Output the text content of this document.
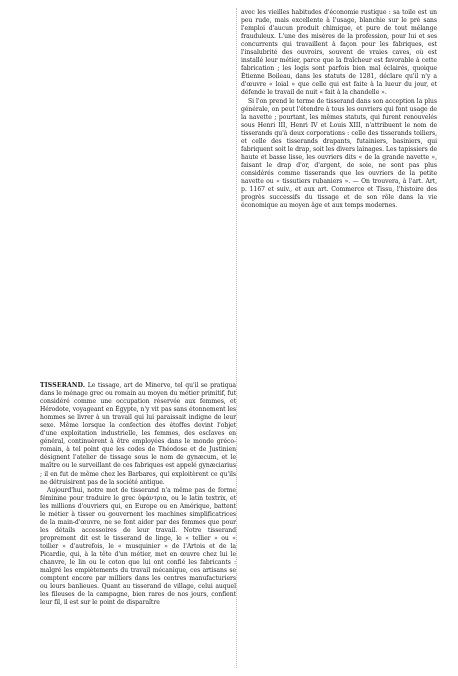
TISSERAND. Le tissage, art de Minerve, tel qu'il se pratiqua dans le ménage grec ou romain au moyen du métier primitif, fut considéré comme une occupation réservée aux femmes, et Hérodote, voyageant en Égypte, n'y vit pas sans étonnement les hommes se livrer à un travail qui lui paraissait indigne de leur sexe. Même lorsque la confection des étoffes devint l'objet d'une exploitation industrielle, les femmes, des esclaves en général, continuèrent à être employées dans le monde gréco-romain, à tel point que les codes de Théodose et de Justinien désignent l'atelier de tissage sous le nom de gynæcum, et le maître ou le surveillant de ces fabriques est appelé gynæciarius ; il en fut de même chez les Barbares, qui exploitèrent ce qu'ils ne détruisirent pas de la société antique.

Aujourd'hui, notre mot de tisserand n'a même pas de forme féminine pour traduire le grec ὑφάντρια, ou le latin textrix, et les millions d'ouvriers qui, en Europe ou en Amérique, battent le métier à tisser ou gouvernent les machines simplificatrices de la main-d'œuvre, ne se font aider par des femmes que pour les détails accessoires de leur travail. Notre tisserand proprement dit est le tisserand de linge, le « tellier » ou « toilier » d'autrefois, le « musquinier » de l'Artois et de la Picardie, qui, à la tête d'un métier, met en œuvre chez lui le chanvre, le lin ou le coton que lui ont confié les fabricants : malgré les empiètements du travail mécanique, ces artisans se comptent encore par milliers dans les centres manufacturiers ou leurs banlieues. Quant au tisserand de village, celui auquel les fileuses de la campagne, bien rares de nos jours, confient leur fil, il est sur le point de disparaître

avec les vieilles habitudes d'économie rustique : sa toile est un peu rude, mais excellente à l'usage, blanchie sur le pré sans l'emploi d'aucun produit chimique, et pure de tout mélange frauduleux. L'une des misères de la profession, pour lui et ses concurrents qui travaillent à façon pour les fabriques, est l'insalubrité des ouvroirs, souvent de vraies caves, où est installé leur métier, parce que la fraîcheur est favorable à cette fabrication ; les logis sont parfois bien mal éclairés, quoique Étienne Boileau, dans les statuts de 1281, déclare qu'il n'y a d'œuvre « loial » que celle qui est faite à la lueur du jour, et défende le travail de nuit « fait à la chandelle ».

Si l'on prend le terme de tisserand dans son acception la plus générale, on peut l'étendre à tous les ouvriers qui font usage de la navette ; pourtant, les mêmes statuts, qui furent renouvelés sous Henri III, Henri IV et Louis XIII, n'attribuent le nom de tisserands qu'à deux corporations : celle des tisserands toiliers, et celle des tisserands drapants, futainiers, basiniers, qui fabriquent soit le drap, soit les divers lainages. Les tapissiers de haute et basse lisse, les ouvriers dits « de la grande navette », faisant le drap d'or, d'argent, de soie, ne sont pas plus considérés comme tisserands que les ouvriers de la petite navette ou « tissutiers rubaniers ». — On trouvera, à l'art. Art, p. 1167 et suiv., et aux art. Commerce et Tissu, l'histoire des progrès successifs du tissage et de son rôle dans la vie économique au moyen âge et aux temps modernes.
